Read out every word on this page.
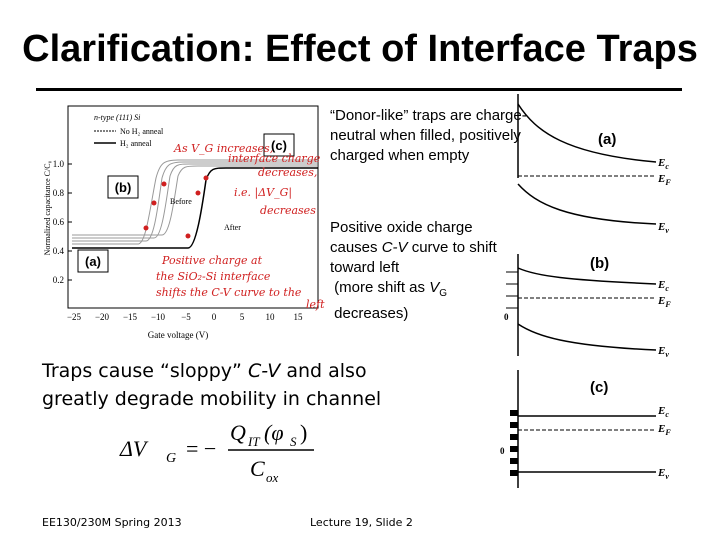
Clarification: Effect of Interface Traps
0.2
0.4
0.6
0.8
1.0
−25 −20 −15 −10 −5 0	5 10 15
Gate voltage (V)
Normalized capacitance C/C₀
n-type (111) Si
No H₂ anneal
H₂ anneal
Before
After
(c)
(b)
(a)
As V_G increases,
interface charge
decreases,
i.e. |ΔV_G|
decreases
Positive charge at
the SiO₂-Si interface
shifts the C-V curve to the
left
“Donor-like” traps are charge-neutral when filled, positively charged when empty
Positive oxide charge causes C-V curve to shift toward left
(more shift as $V_G$
decreases)
Traps cause “sloppy” C-V and also greatly degrade mobility in channel
ΔV G = −
Q IT (φ S )
C ox
$E_c$
$E_F$
$E_v$
(a)
0
$E_c$
$E_F$
$E_v$
(b)
0
$E_c$
$E_F$
$E_v$
(c)
EE130/230M Spring 2013	Lecture 19, Slide 2
